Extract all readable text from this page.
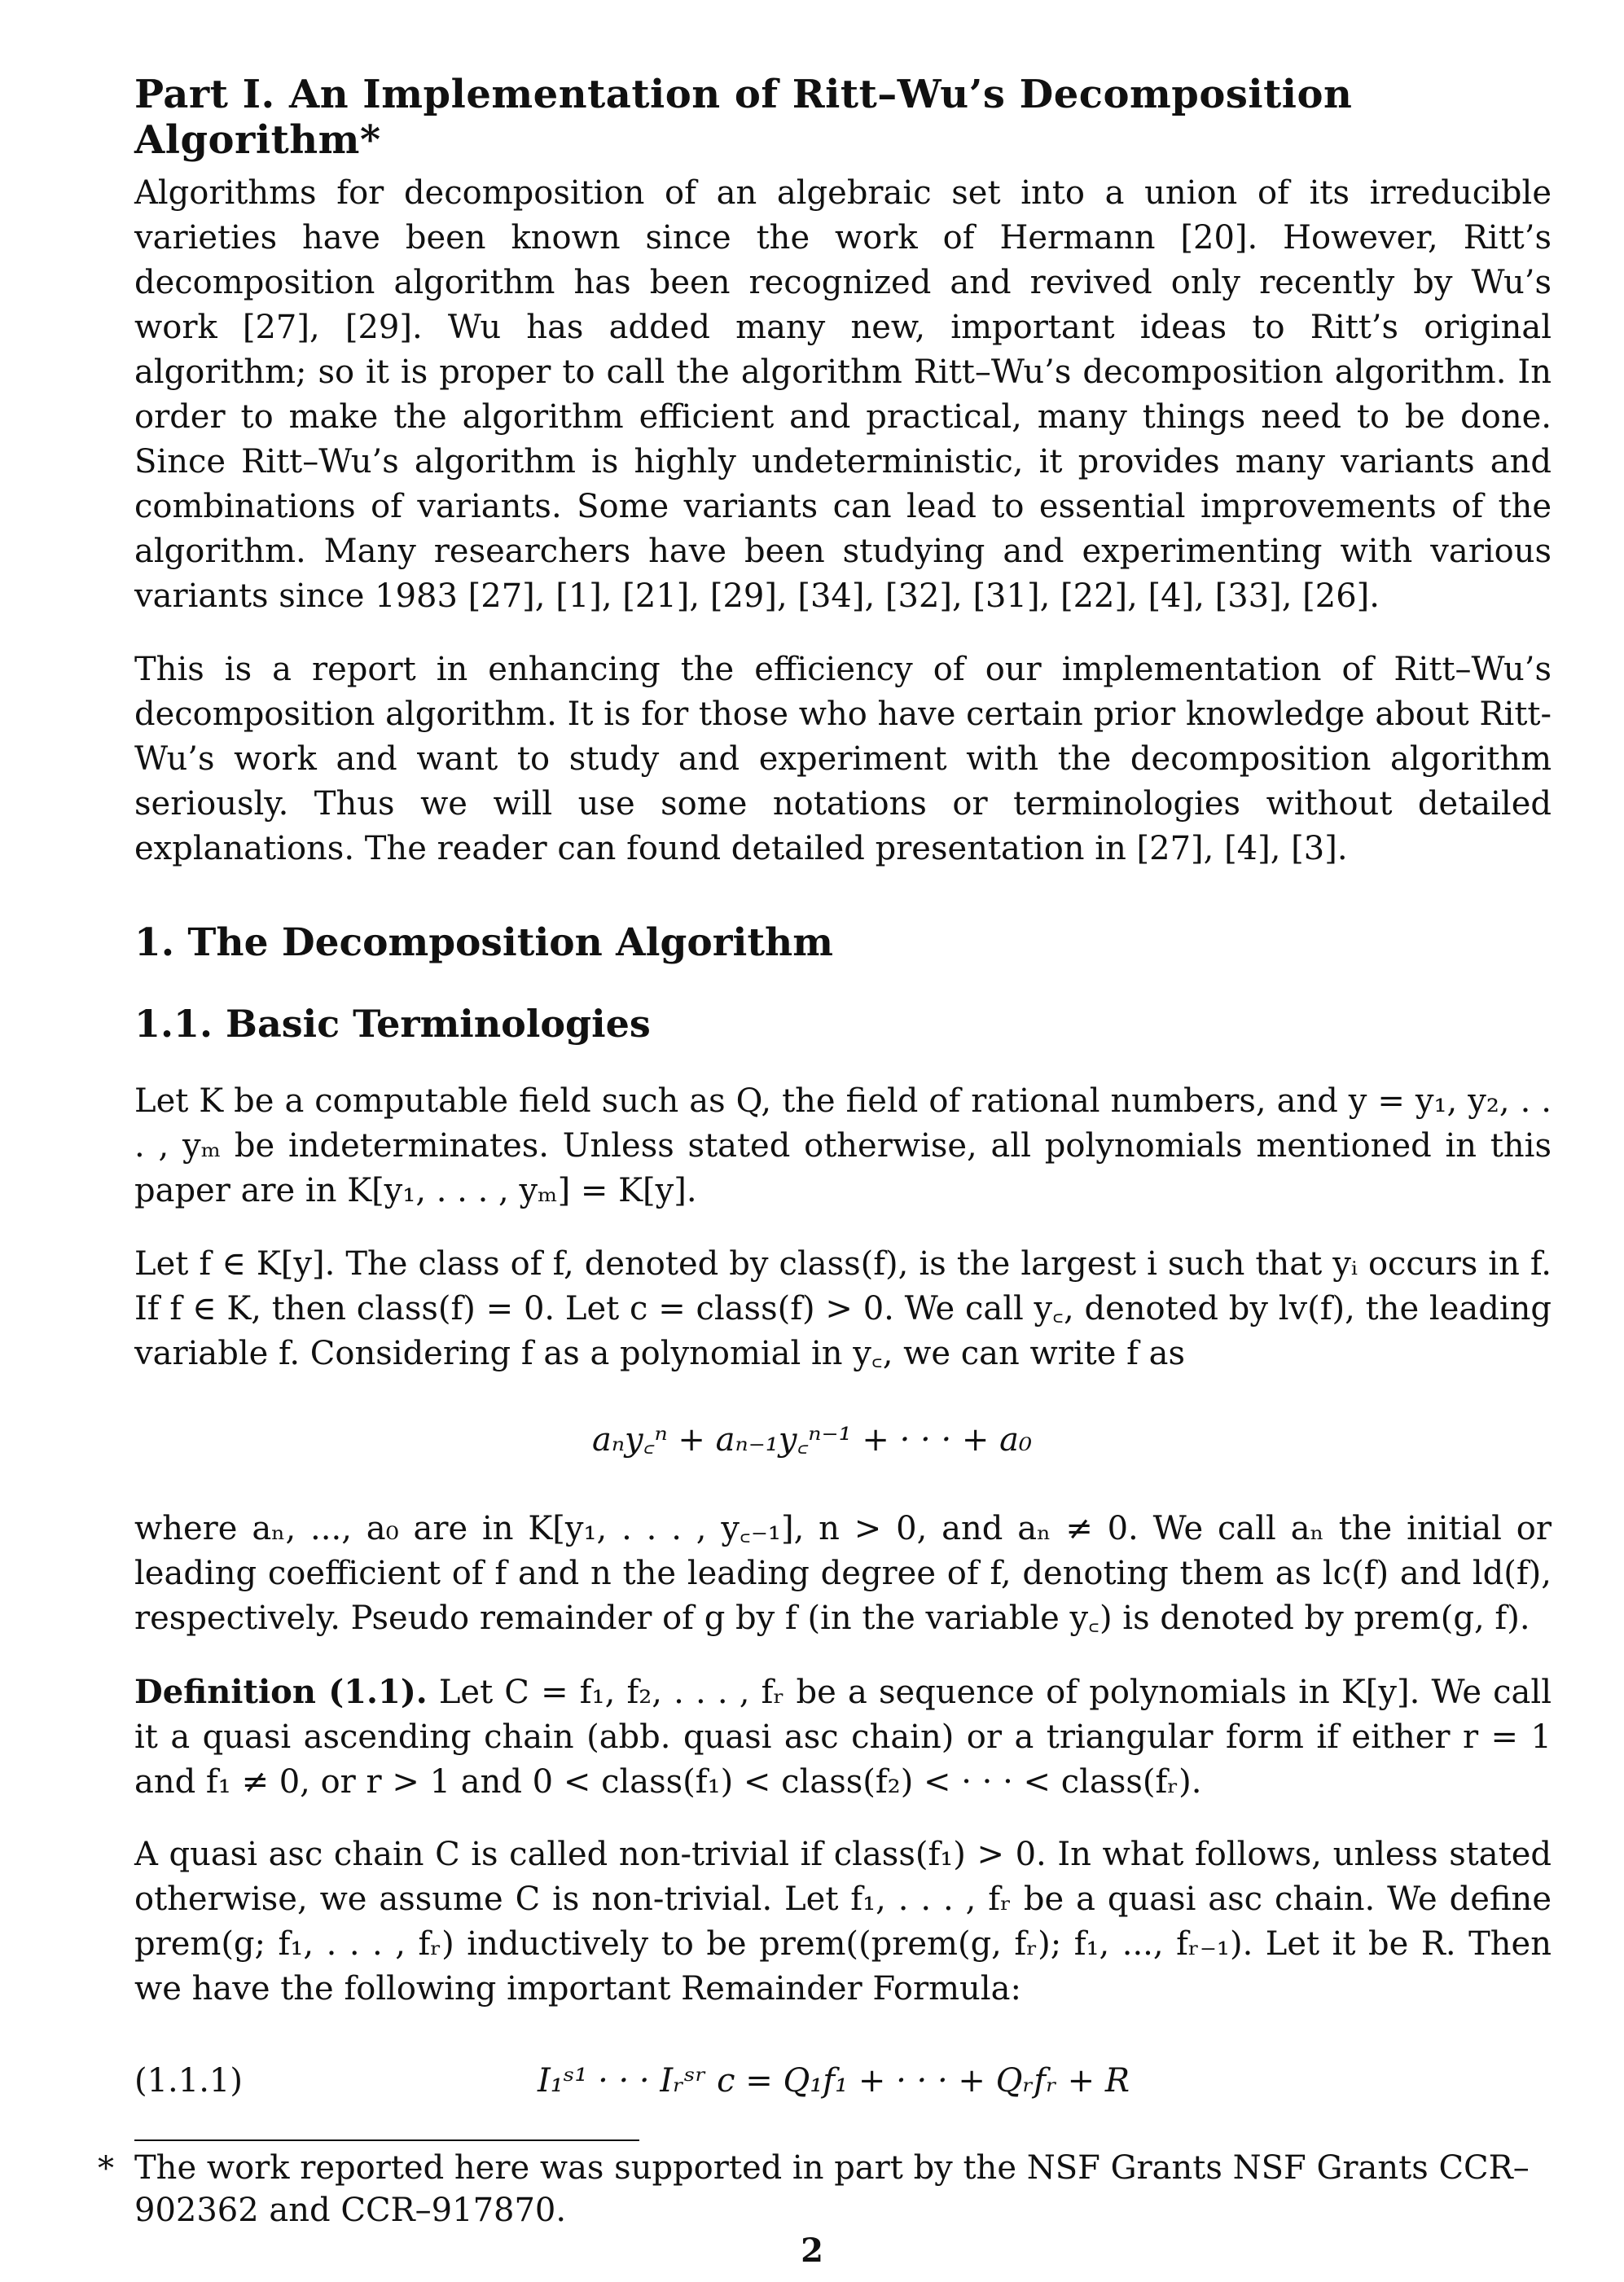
Part I. An Implementation of Ritt–Wu’s Decomposition Algorithm*

Algorithms for decomposition of an algebraic set into a union of its irreducible varieties have been known since the work of Hermann [20]. However, Ritt’s decomposition algorithm has been recognized and revived only recently by Wu’s work [27], [29]. Wu has added many new, important ideas to Ritt’s original algorithm; so it is proper to call the algorithm Ritt–Wu’s decomposition algorithm. In order to make the algorithm efficient and practical, many things need to be done. Since Ritt–Wu’s algorithm is highly undeterministic, it provides many variants and combinations of variants. Some variants can lead to essential improvements of the algorithm. Many researchers have been studying and experimenting with various variants since 1983 [27], [1], [21], [29], [34], [32], [31], [22], [4], [33], [26].

This is a report in enhancing the efficiency of our implementation of Ritt–Wu’s decomposition algorithm. It is for those who have certain prior knowledge about Ritt-Wu’s work and want to study and experiment with the decomposition algorithm seriously. Thus we will use some notations or terminologies without detailed explanations. The reader can found detailed presentation in [27], [4], [3].

1. The Decomposition Algorithm

1.1. Basic Terminologies

Let K be a computable field such as Q, the field of rational numbers, and y = y₁, y₂, . . . , yₘ be indeterminates. Unless stated otherwise, all polynomials mentioned in this paper are in K[y₁, . . . , yₘ] = K[y].

Let f ∈ K[y]. The class of f, denoted by class(f), is the largest i such that yᵢ occurs in f. If f ∈ K, then class(f) = 0. Let c = class(f) > 0. We call y꜀, denoted by lv(f), the leading variable f. Considering f as a polynomial in y꜀, we can write f as

aₙy꜀ⁿ + aₙ₋₁y꜀ⁿ⁻¹ + · · · + a₀

where aₙ, ..., a₀ are in K[y₁, . . . , y꜀₋₁], n > 0, and aₙ ≠ 0. We call aₙ the initial or leading coefficient of f and n the leading degree of f, denoting them as lc(f) and ld(f), respectively. Pseudo remainder of g by f (in the variable y꜀) is denoted by prem(g, f).

Definition (1.1). Let C = f₁, f₂, . . . , fᵣ be a sequence of polynomials in K[y]. We call it a quasi ascending chain (abb. quasi asc chain) or a triangular form if either r = 1 and f₁ ≠ 0, or r > 1 and 0 < class(f₁) < class(f₂) < · · · < class(fᵣ).

A quasi asc chain C is called non-trivial if class(f₁) > 0. In what follows, unless stated otherwise, we assume C is non-trivial. Let f₁, . . . , fᵣ be a quasi asc chain. We define prem(g; f₁, . . . , fᵣ) inductively to be prem((prem(g, fᵣ); f₁, ..., fᵣ₋₁). Let it be R. Then we have the following important Remainder Formula:

(1.1.1)	I₁ˢ¹ · · · Iᵣˢʳ c = Q₁f₁ + · · · + Qᵣfᵣ + R
* The work reported here was supported in part by the NSF Grants NSF Grants CCR–902362 and CCR–917870.

2
